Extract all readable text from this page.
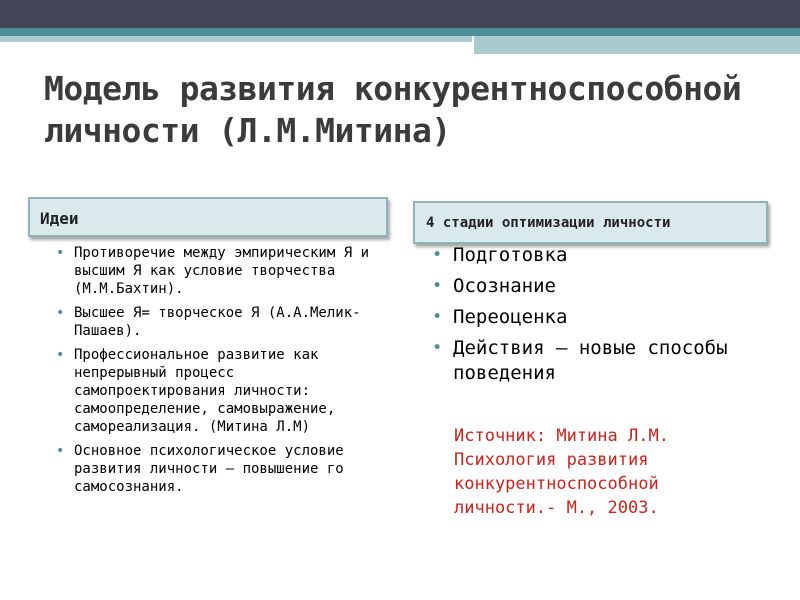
Модель развития конкурентноспособной личности (Л.М.Митина)
Идеи	4 стадии оптимизации личности
• Противоречие между эмпирическим Я и высшим Я как условие творчества (М.М.Бахтин).
• Высшее Я= творческое Я (А.А.Мелик-Пашаев).
• Профессиональное развитие как непрерывный процесс самопроектирования личности: самоопределение, самовыражение, самореализация. (Митина Л.М)
• Основное психологическое условие развития личности – повышение го самосознания.
• Подготовка
• Осознание
• Переоценка
• Действия – новые способы поведения
Источник: Митина Л.М. Психология развития конкурентноспособной личности.- М., 2003.
